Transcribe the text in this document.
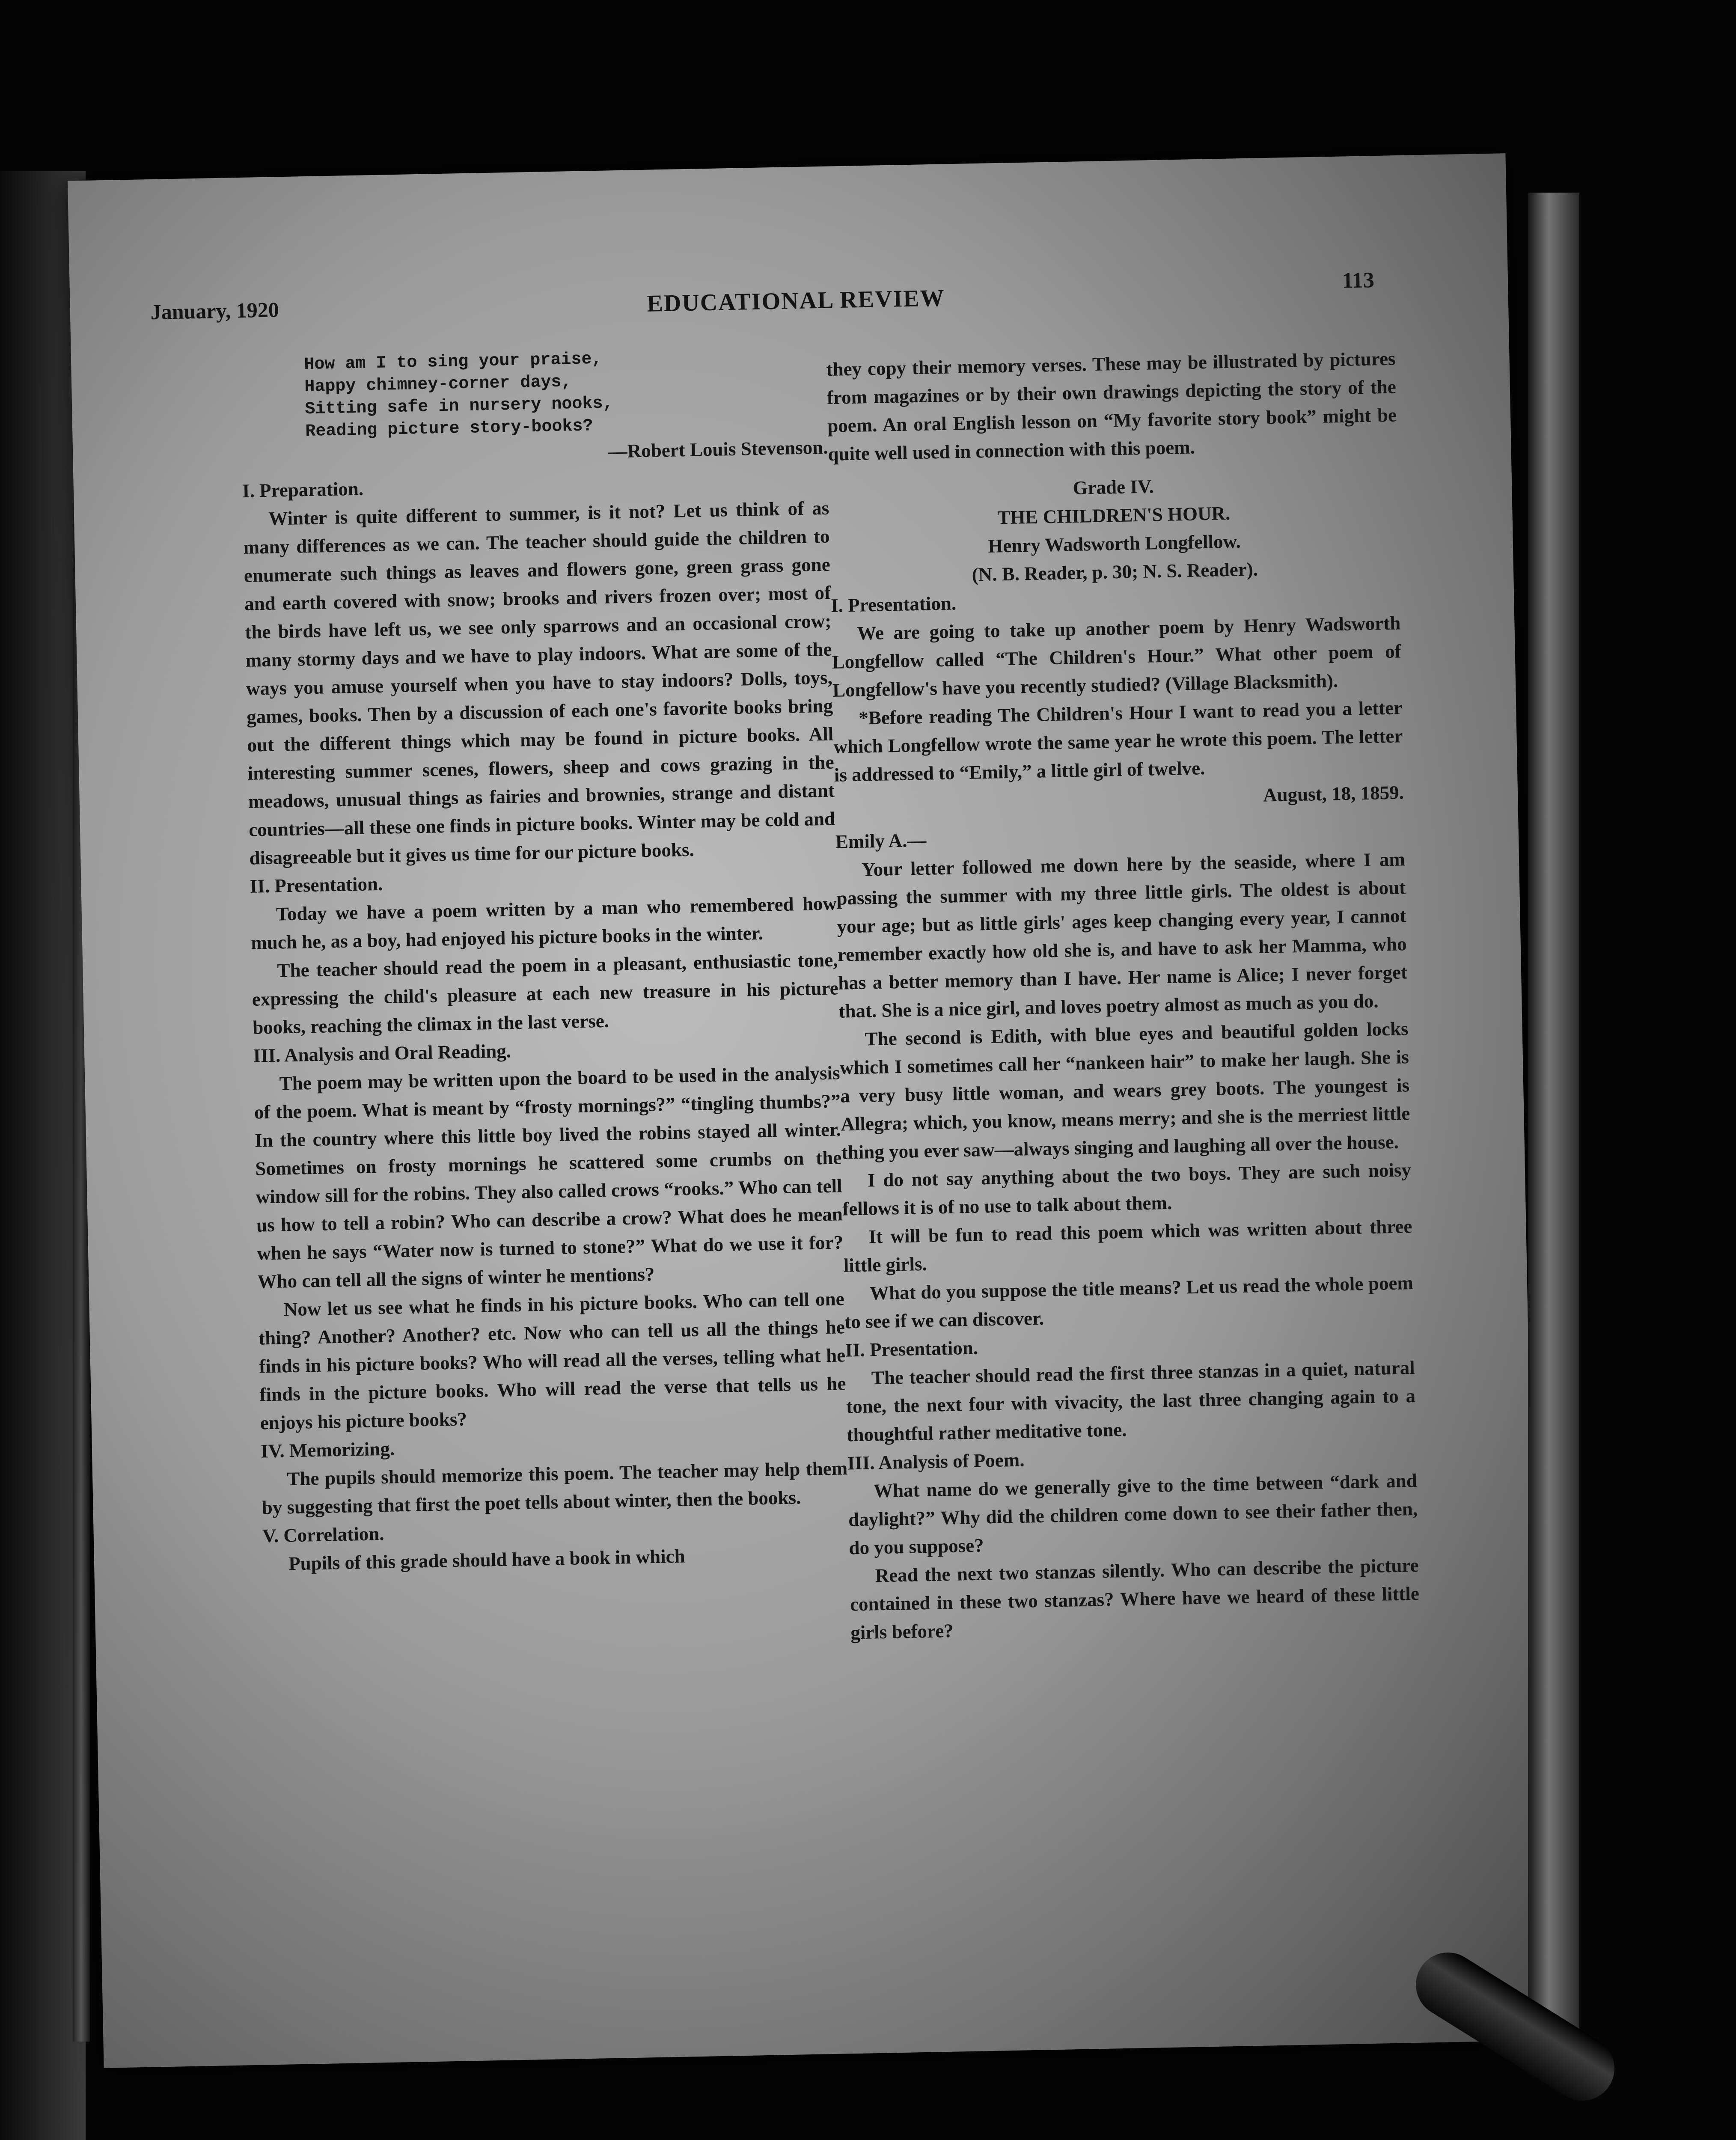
January, 1920	EDUCATIONAL REVIEW
113

How am I to sing your praise,

Happy chimney-corner days,

Sitting safe in nursery nooks,

Reading picture story-books?

—Robert Louis Stevenson.

I. Preparation.

Winter is quite different to summer, is it not? Let us think of as many differences as we can. The teacher should guide the children to enumerate such things as leaves and flowers gone, green grass gone and earth covered with snow; brooks and rivers frozen over; most of the birds have left us, we see only sparrows and an occasional crow; many stormy days and we have to play indoors. What are some of the ways you amuse yourself when you have to stay indoors? Dolls, toys, games, books. Then by a discussion of each one's favorite books bring out the different things which may be found in picture books. All interesting summer scenes, flowers, sheep and cows grazing in the meadows, unusual things as fairies and brownies, strange and distant countries—all these one finds in picture books. Winter may be cold and disagreeable but it gives us time for our picture books.

II. Presentation.

Today we have a poem written by a man who remembered how much he, as a boy, had enjoyed his picture books in the winter.

The teacher should read the poem in a pleasant, enthusiastic tone, expressing the child's pleasure at each new treasure in his picture books, reaching the climax in the last verse.

III. Analysis and Oral Reading.

The poem may be written upon the board to be used in the analysis of the poem. What is meant by “frosty mornings?” “tingling thumbs?” In the country where this little boy lived the robins stayed all winter. Sometimes on frosty mornings he scattered some crumbs on the window sill for the robins. They also called crows “rooks.” Who can tell us how to tell a robin? Who can describe a crow? What does he mean when he says “Water now is turned to stone?” What do we use it for? Who can tell all the signs of winter he mentions?

Now let us see what he finds in his picture books. Who can tell one thing? Another? Another? etc. Now who can tell us all the things he finds in his picture books? Who will read all the verses, telling what he finds in the picture books. Who will read the verse that tells us he enjoys his picture books?

IV. Memorizing.

The pupils should memorize this poem. The teacher may help them by suggesting that first the poet tells about winter, then the books.

V. Correlation.

Pupils of this grade should have a book in which

they copy their memory verses. These may be illustrated by pictures from magazines or by their own drawings depicting the story of the poem. An oral English lesson on “My favorite story book” might be quite well used in connection with this poem.

Grade IV.

THE CHILDREN'S HOUR.

Henry Wadsworth Longfellow.

(N. B. Reader, p. 30; N. S. Reader).

I. Presentation.

We are going to take up another poem by Henry Wadsworth Longfellow called “The Children's Hour.” What other poem of Longfellow's have you recently studied? (Village Blacksmith).

*Before reading The Children's Hour I want to read you a letter which Longfellow wrote the same year he wrote this poem. The letter is addressed to “Emily,” a little girl of twelve.

August, 18, 1859.

Emily A.—

Your letter followed me down here by the seaside, where I am passing the summer with my three little girls. The oldest is about your age; but as little girls' ages keep changing every year, I cannot remember exactly how old she is, and have to ask her Mamma, who has a better memory than I have. Her name is Alice; I never forget that. She is a nice girl, and loves poetry almost as much as you do.

The second is Edith, with blue eyes and beautiful golden locks which I sometimes call her “nankeen hair” to make her laugh. She is a very busy little woman, and wears grey boots. The youngest is Allegra; which, you know, means merry; and she is the merriest little thing you ever saw—always singing and laughing all over the house.

I do not say anything about the two boys. They are such noisy fellows it is of no use to talk about them.

It will be fun to read this poem which was written about three little girls.

What do you suppose the title means? Let us read the whole poem to see if we can discover.

II. Presentation.

The teacher should read the first three stanzas in a quiet, natural tone, the next four with vivacity, the last three changing again to a thoughtful rather meditative tone.

III. Analysis of Poem.

What name do we generally give to the time between “dark and daylight?” Why did the children come down to see their father then, do you suppose?

Read the next two stanzas silently. Who can describe the picture contained in these two stanzas? Where have we heard of these little girls before?
